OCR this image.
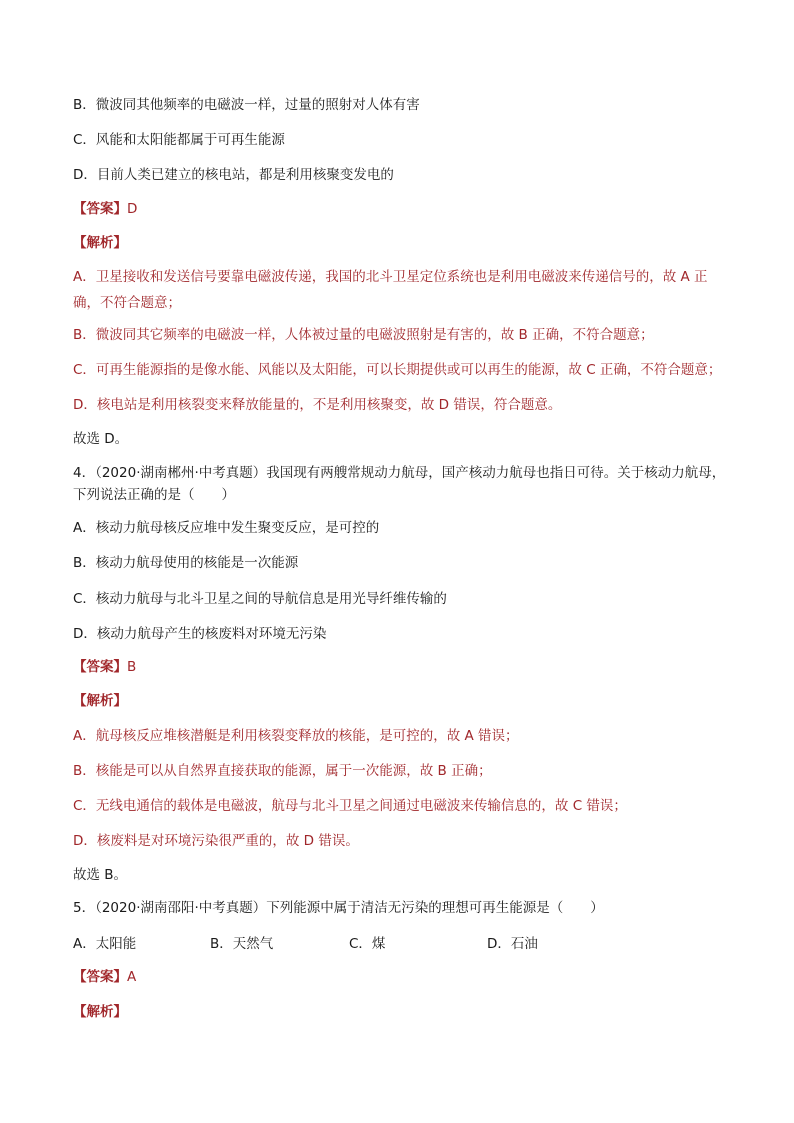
B．微波同其他频率的电磁波一样，过量的照射对人体有害
C．风能和太阳能都属于可再生能源
D．目前人类已建立的核电站，都是利用核聚变发电的
【答案】D
【解析】
A．卫星接收和发送信号要靠电磁波传递，我国的北斗卫星定位系统也是利用电磁波来传递信号的，故 A 正确，不符合题意；
B．微波同其它频率的电磁波一样，人体被过量的电磁波照射是有害的，故 B 正确，不符合题意；
C．可再生能源指的是像水能、风能以及太阳能，可以长期提供或可以再生的能源，故 C 正确，不符合题意；
D．核电站是利用核裂变来释放能量的，不是利用核聚变，故 D 错误，符合题意。
故选 D。
4．（2020·湖南郴州·中考真题）我国现有两艘常规动力航母，国产核动力航母也指日可待。关于核动力航母，
下列说法正确的是（　　）
A．核动力航母核反应堆中发生聚变反应，是可控的
B．核动力航母使用的核能是一次能源
C．核动力航母与北斗卫星之间的导航信息是用光导纤维传输的
D．核动力航母产生的核废料对环境无污染
【答案】B
【解析】
A．航母核反应堆核潜艇是利用核裂变释放的核能，是可控的，故 A 错误；
B．核能是可以从自然界直接获取的能源，属于一次能源，故 B 正确；
C．无线电通信的载体是电磁波，航母与北斗卫星之间通过电磁波来传输信息的，故 C 错误；
D．核废料是对环境污染很严重的，故 D 错误。
故选 B。
5．（2020·湖南邵阳·中考真题）下列能源中属于清洁无污染的理想可再生能源是（　　）
A．太阳能	B．天然气	C．煤	D．石油
【答案】A
【解析】
